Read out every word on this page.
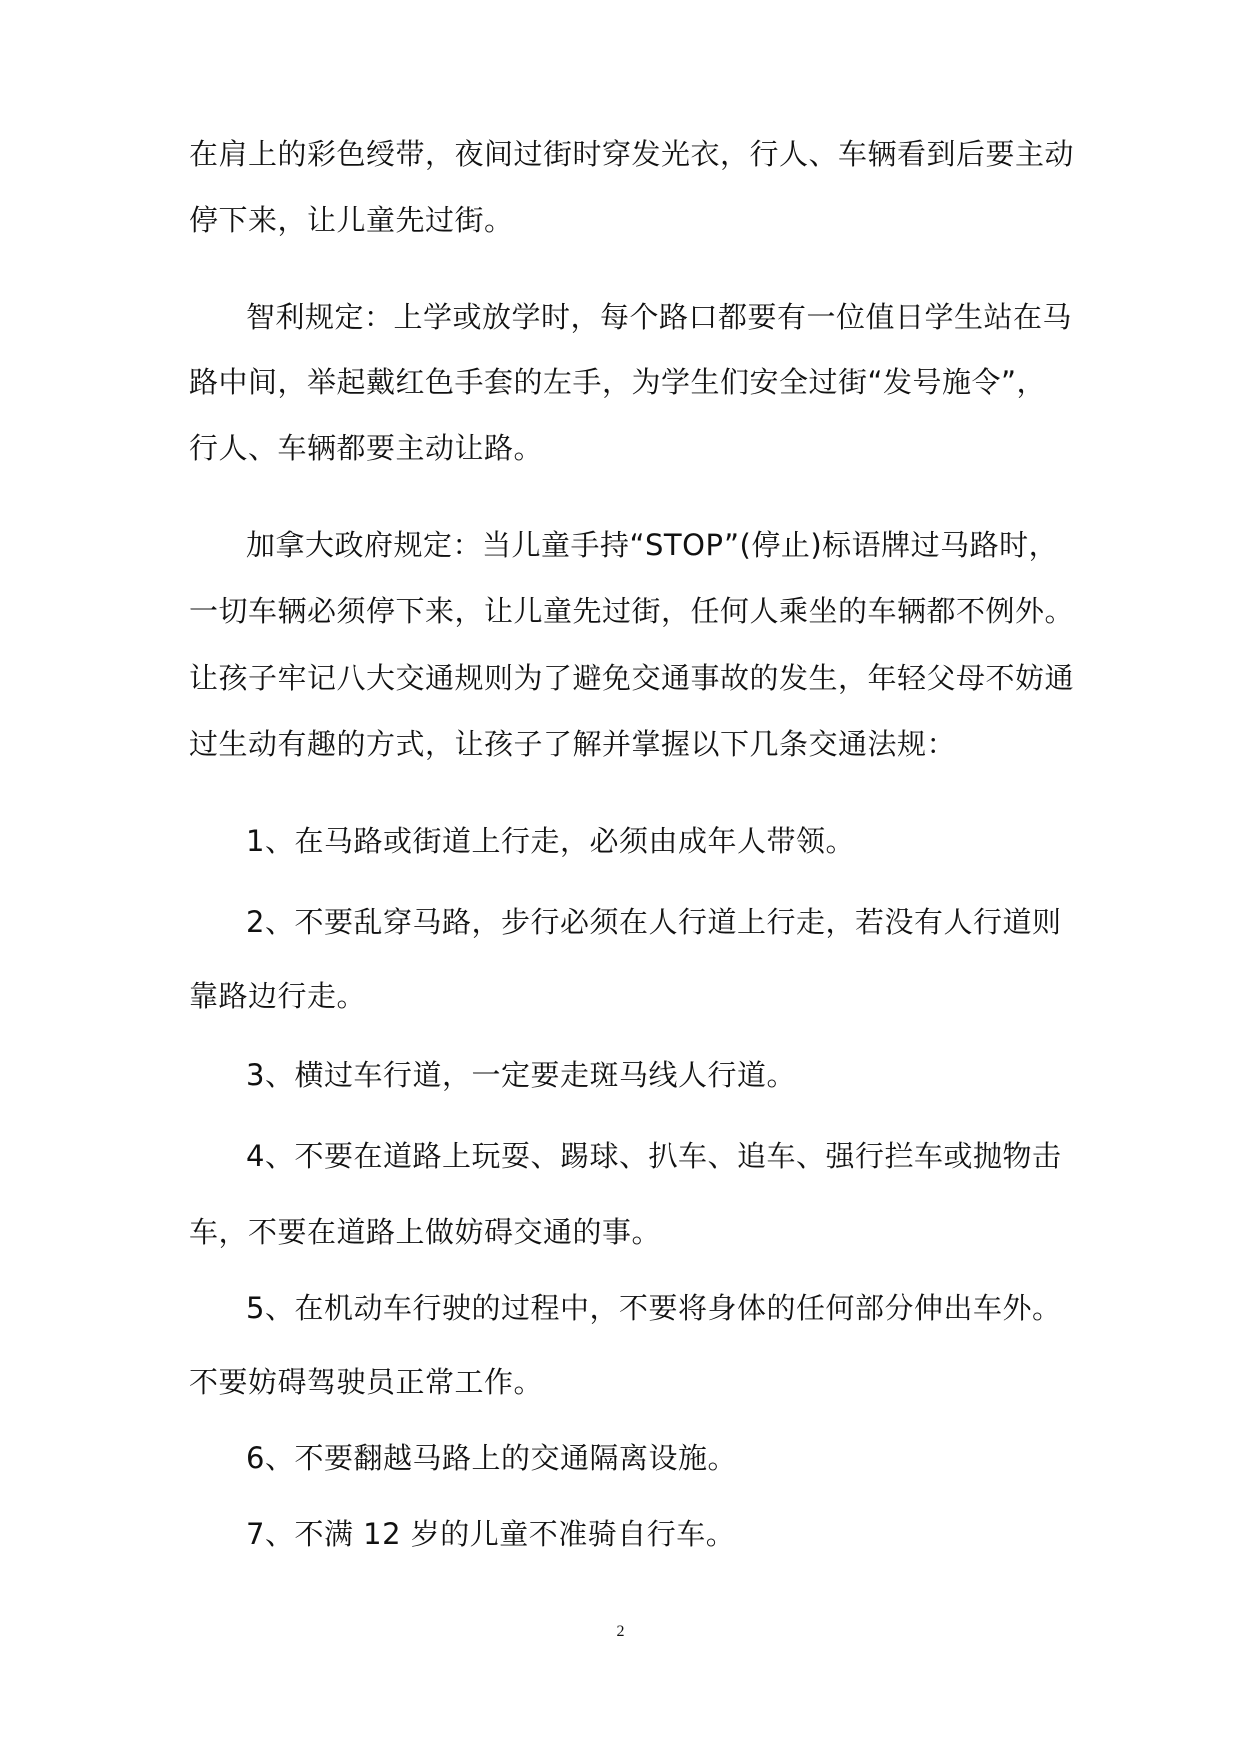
在肩上的彩色绶带，夜间过街时穿发光衣，行人、车辆看到后要主动
停下来，让儿童先过街。
智利规定：上学或放学时，每个路口都要有一位值日学生站在马
路中间，举起戴红色手套的左手，为学生们安全过街“发号施令”，
行人、车辆都要主动让路。
加拿大政府规定：当儿童手持“STOP”(停止)标语牌过马路时，
一切车辆必须停下来，让儿童先过街，任何人乘坐的车辆都不例外。
让孩子牢记八大交通规则为了避免交通事故的发生，年轻父母不妨通
过生动有趣的方式，让孩子了解并掌握以下几条交通法规：
1、在马路或街道上行走，必须由成年人带领。
2、不要乱穿马路，步行必须在人行道上行走，若没有人行道则
靠路边行走。
3、横过车行道，一定要走斑马线人行道。
4、不要在道路上玩耍、踢球、扒车、追车、强行拦车或抛物击
车，不要在道路上做妨碍交通的事。
5、在机动车行驶的过程中，不要将身体的任何部分伸出车外。
不要妨碍驾驶员正常工作。
6、不要翻越马路上的交通隔离设施。
7、不满 12 岁的儿童不准骑自行车。
2
